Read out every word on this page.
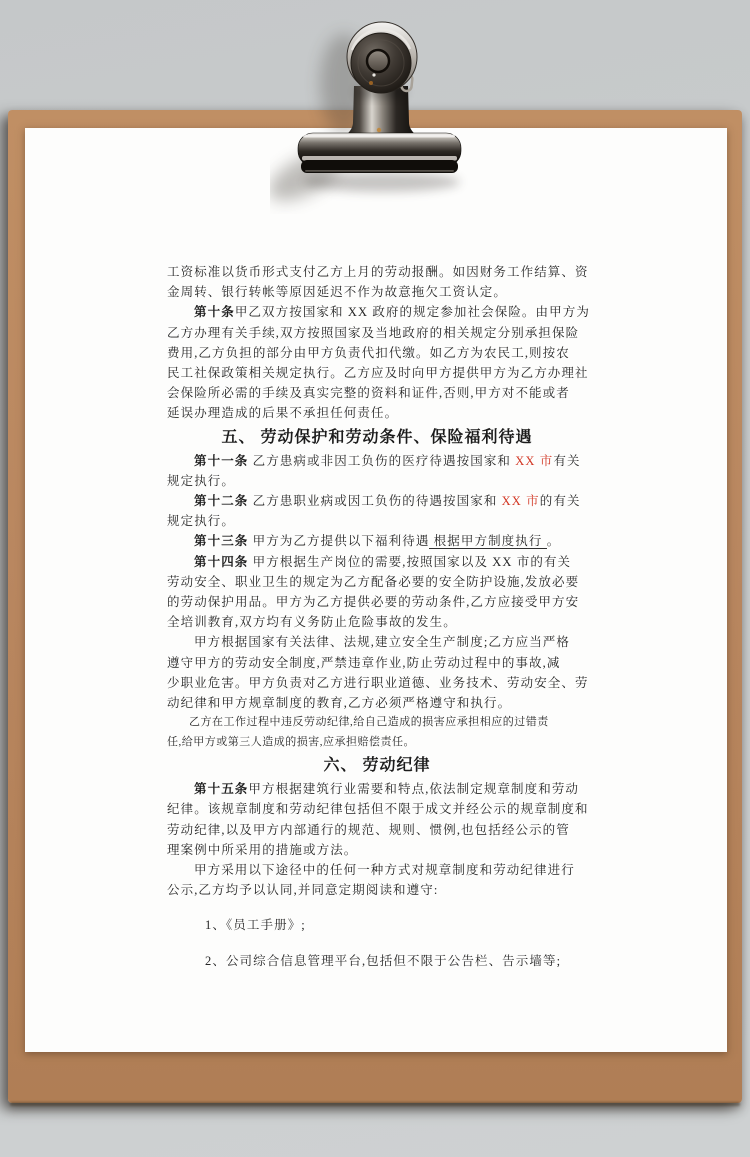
工资标准以货币形式支付乙方上月的劳动报酬。如因财务工作结算、资
金周转、银行转帐等原因延迟不作为故意拖欠工资认定。
第十条甲乙双方按国家和 XX 政府的规定参加社会保险。由甲方为
乙方办理有关手续,双方按照国家及当地政府的相关规定分别承担保险
费用,乙方负担的部分由甲方负责代扣代缴。如乙方为农民工,则按农
民工社保政策相关规定执行。乙方应及时向甲方提供甲方为乙方办理社
会保险所必需的手续及真实完整的资料和证件,否则,甲方对不能或者
延误办理造成的后果不承担任何责任。
五、 劳动保护和劳动条件、保险福利待遇
第十一条 乙方患病或非因工负伤的医疗待遇按国家和 XX 市有关
规定执行。
第十二条 乙方患职业病或因工负伤的待遇按国家和 XX 市的有关
规定执行。
第十三条 甲方为乙方提供以下福利待遇 根据甲方制度执行 。
第十四条 甲方根据生产岗位的需要,按照国家以及 XX 市的有关
劳动安全、职业卫生的规定为乙方配备必要的安全防护设施,发放必要
的劳动保护用品。甲方为乙方提供必要的劳动条件,乙方应接受甲方安
全培训教育,双方均有义务防止危险事故的发生。
甲方根据国家有关法律、法规,建立安全生产制度;乙方应当严格
遵守甲方的劳动安全制度,严禁违章作业,防止劳动过程中的事故,减
少职业危害。甲方负责对乙方进行职业道德、业务技术、劳动安全、劳
动纪律和甲方规章制度的教育,乙方必须严格遵守和执行。
乙方在工作过程中违反劳动纪律,给自己造成的损害应承担相应的过错责
任,给甲方或第三人造成的损害,应承担赔偿责任。
六、 劳动纪律
第十五条甲方根据建筑行业需要和特点,依法制定规章制度和劳动
纪律。该规章制度和劳动纪律包括但不限于成文并经公示的规章制度和
劳动纪律,以及甲方内部通行的规范、规则、惯例,也包括经公示的管
理案例中所采用的措施或方法。
甲方采用以下途径中的任何一种方式对规章制度和劳动纪律进行
公示,乙方均予以认同,并同意定期阅读和遵守:
1、《员工手册》;
2、公司综合信息管理平台,包括但不限于公告栏、告示墙等;
